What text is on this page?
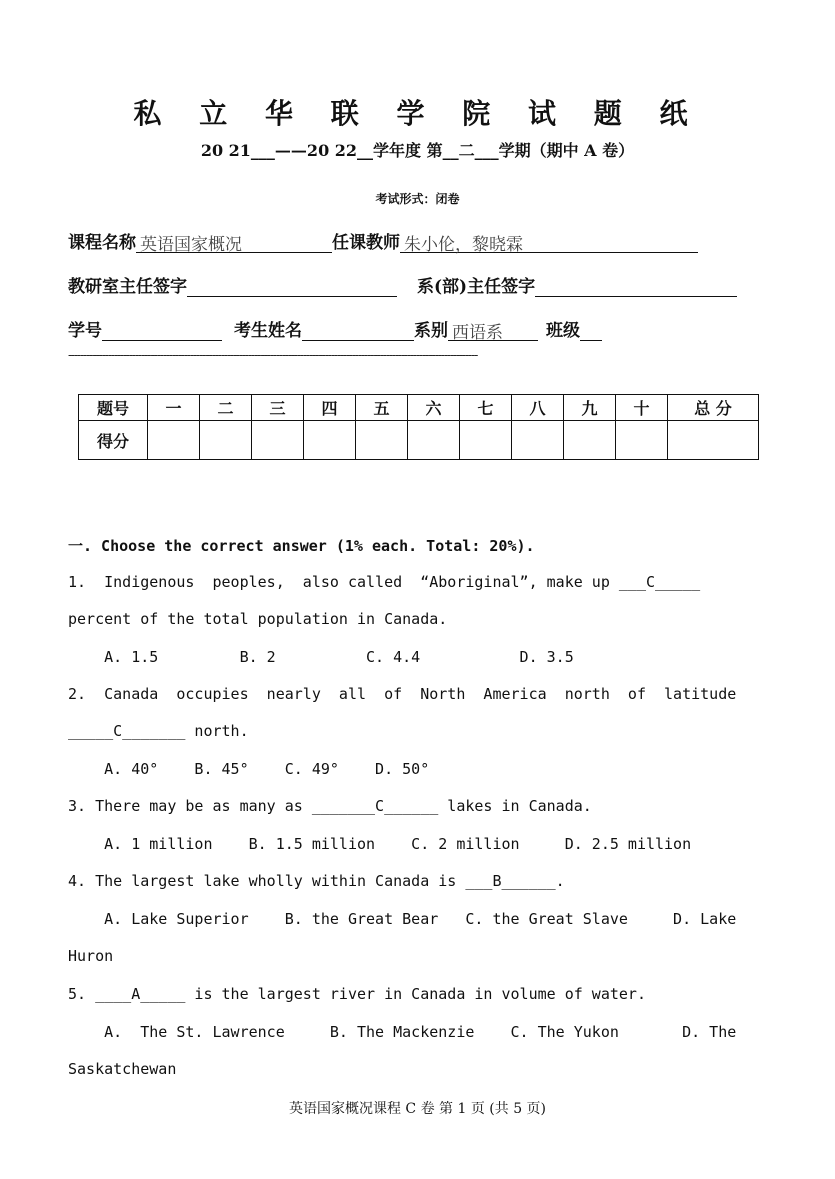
私 立 华 联 学 院 试 题 纸
20 21___——20 22__学年度 第__二___学期（期中 A 卷）
考试形式：闭卷
课程名称 英语国家概况	任课教师 朱小伦，黎晓霖
教研室主任签字	系(部)主任签字
学号	考生姓名	系别 西语系	班级
--------------------------------------------------------------------------------------------------------------------------------------
题号	一	二	三	四	五	六	七	八	九	十	总 分
得分											
一. Choose the correct answer (1% each. Total: 20%).
1.  Indigenous  peoples,  also called  “Aboriginal”, make up ___C_____
percent of the total population in Canada.
A. 1.5         B. 2          C. 4.4           D. 3.5
2.  Canada  occupies  nearly  all  of  North  America  north  of  latitude
_____C_______ north.
A. 40°    B. 45°    C. 49°    D. 50°
3. There may be as many as _______C______ lakes in Canada.
A. 1 million    B. 1.5 million    C. 2 million     D. 2.5 million
4. The largest lake wholly within Canada is ___B______.
A. Lake Superior    B. the Great Bear   C. the Great Slave     D. Lake
Huron
5. ____A_____ is the largest river in Canada in volume of water.
A.  The St. Lawrence     B. The Mackenzie    C. The Yukon       D. The
Saskatchewan
英语国家概况课程 C 卷 第 1 页 (共 5 页)
